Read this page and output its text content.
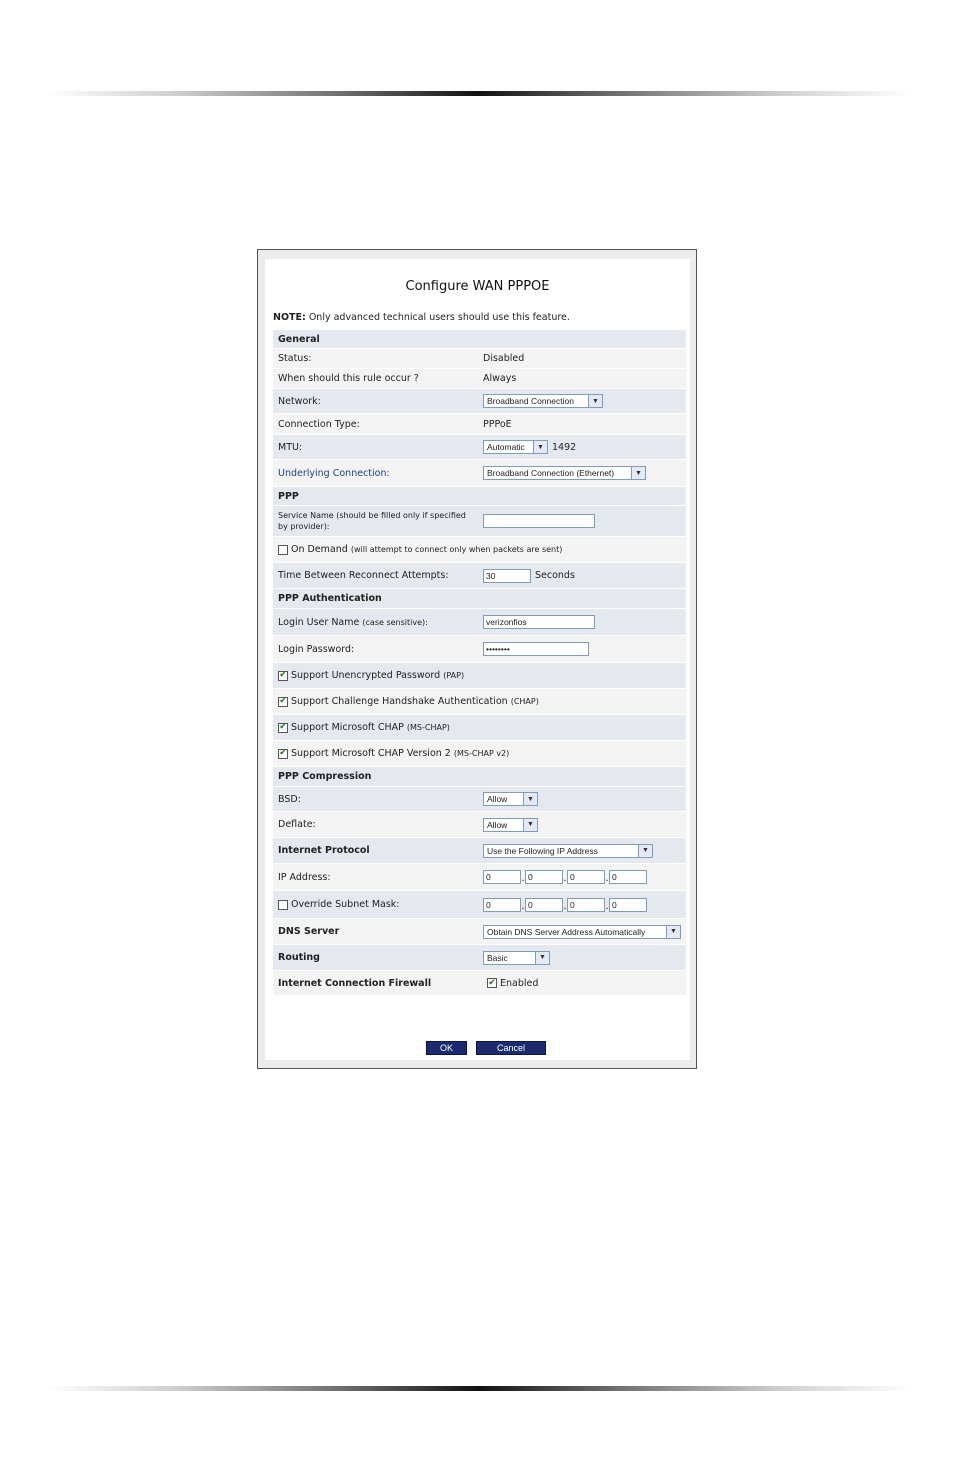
Configure WAN PPPOE
NOTE: Only advanced technical users should use this feature.
General
Status:	Disabled
When should this rule occur ?	Always
Network:	Broadband Connection	▼
Connection Type:	PPPoE
MTU:	Automatic	▼ 1492
Underlying Connection:	Broadband Connection (Ethernet)	▼
PPP
Service Name (should be filled only if specified by provider):
On Demand
(will attempt to connect only when packets are sent)
Time Between Reconnect Attempts:	30	Seconds
PPP Authentication
Login User Name (case sensitive):	verizonfios
Login Password:	••••••••
✔ Support Unencrypted Password
(PAP)
✔ Support Challenge Handshake Authentication
(CHAP)
✔ Support Microsoft CHAP
(MS-CHAP)
✔ Support Microsoft CHAP Version 2
(MS-CHAP v2)
PPP Compression
BSD:	Allow	▼
Deflate:	Allow	▼
Internet Protocol	Use the Following IP Address	▼
IP Address:	0	. 0	. 0	. 0
Override Subnet Mask:	0	. 0	. 0	. 0
DNS Server	Obtain DNS Server Address Automatically	▼
Routing	Basic	▼
Internet Connection Firewall	✔ Enabled
OK	Cancel
